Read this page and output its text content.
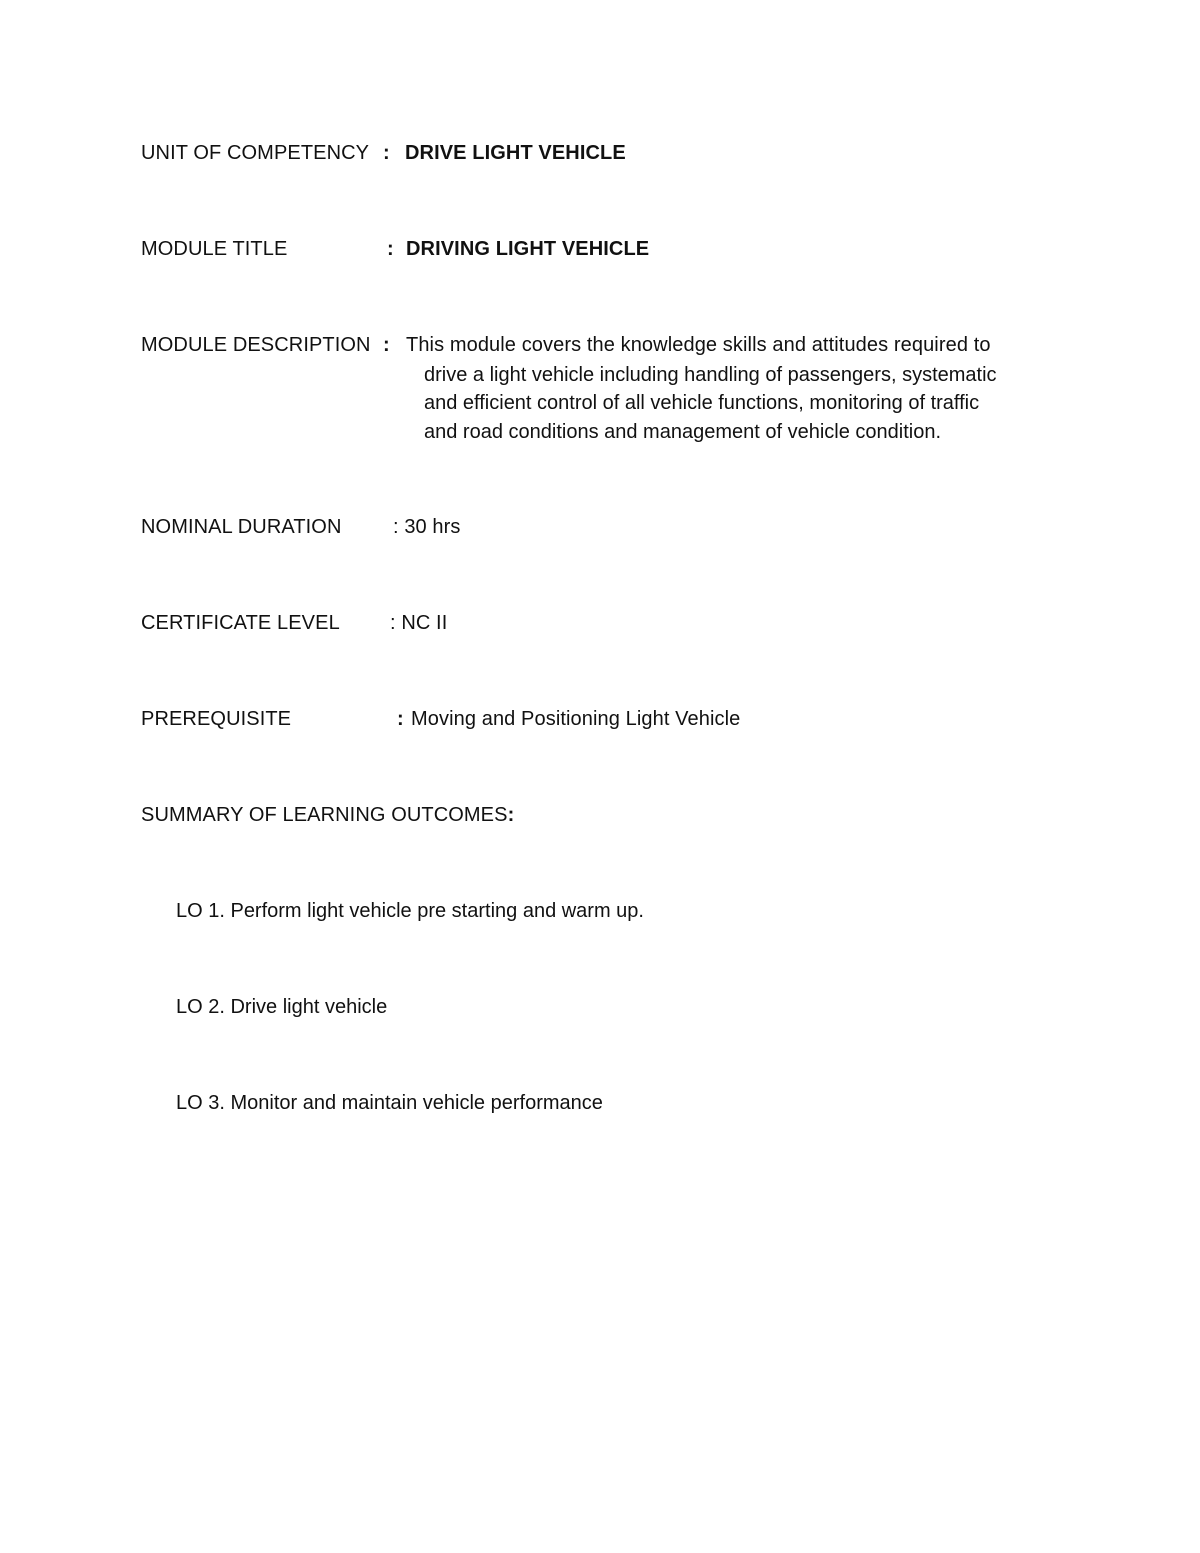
UNIT OF COMPETENCY : DRIVE LIGHT VEHICLE
MODULE TITLE	: DRIVING LIGHT VEHICLE
MODULE DESCRIPTION : This module covers the knowledge skills and attitudes required to
drive a light vehicle including handling of passengers, systematic
and efficient control of all vehicle functions, monitoring of traffic
and road conditions and management of vehicle condition.
NOMINAL DURATION	: 30 hrs
CERTIFICATE LEVEL	: NC II
PREREQUISITE	: Moving and Positioning Light Vehicle
SUMMARY OF LEARNING OUTCOMES:
LO 1. Perform light vehicle pre starting and warm up.
LO 2. Drive light vehicle
LO 3. Monitor and maintain vehicle performance
